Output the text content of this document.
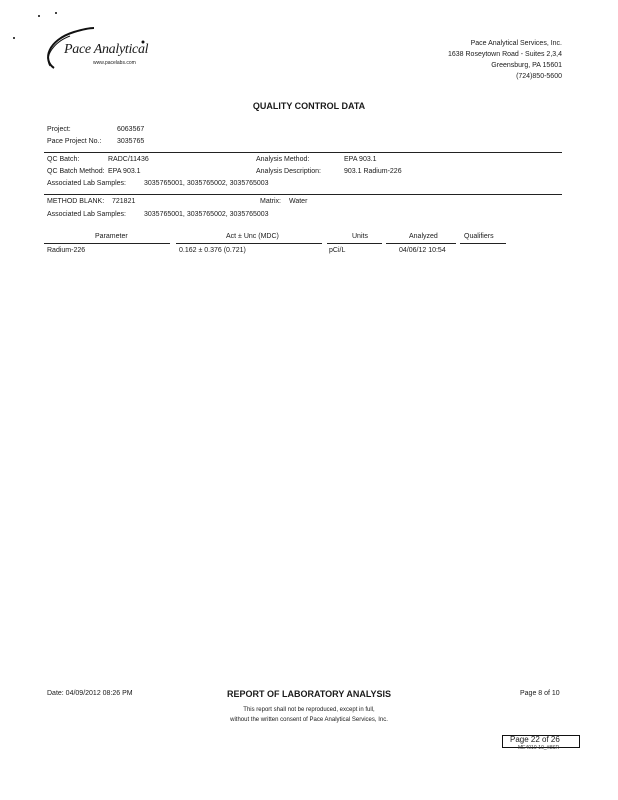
Pace Analytical
www.pacelabs.com
Pace Analytical Services, Inc.
1638 Roseytown Road - Suites 2,3,4
Greensburg, PA 15601
(724)850-5600
QUALITY CONTROL DATA
Project:	6063567
Pace Project No.: 3035765
QC Batch:	RADC/11436	Analysis Method:	EPA 903.1
QC Batch Method: EPA 903.1	Analysis Description:	903.1 Radium-226
Associated Lab Samples:	3035765001, 3035765002, 3035765003
METHOD BLANK: 721821	Matrix: Water
Associated Lab Samples:	3035765001, 3035765002, 3035765003
Parameter	Act ± Unc (MDC)	Units	Analyzed	Qualifiers
Radium-226	0.162 ± 0.376 (0.721)	pCi/L	04/06/12 10:54
Date: 04/09/2012 08:26 PM	REPORT OF LABORATORY ANALYSIS	Page 8 of 10
This report shall not be reproduced, except in full,
without the written consent of Pace Analytical Services, Inc.
Page 22 of 26
ME4010-10_#8SR
